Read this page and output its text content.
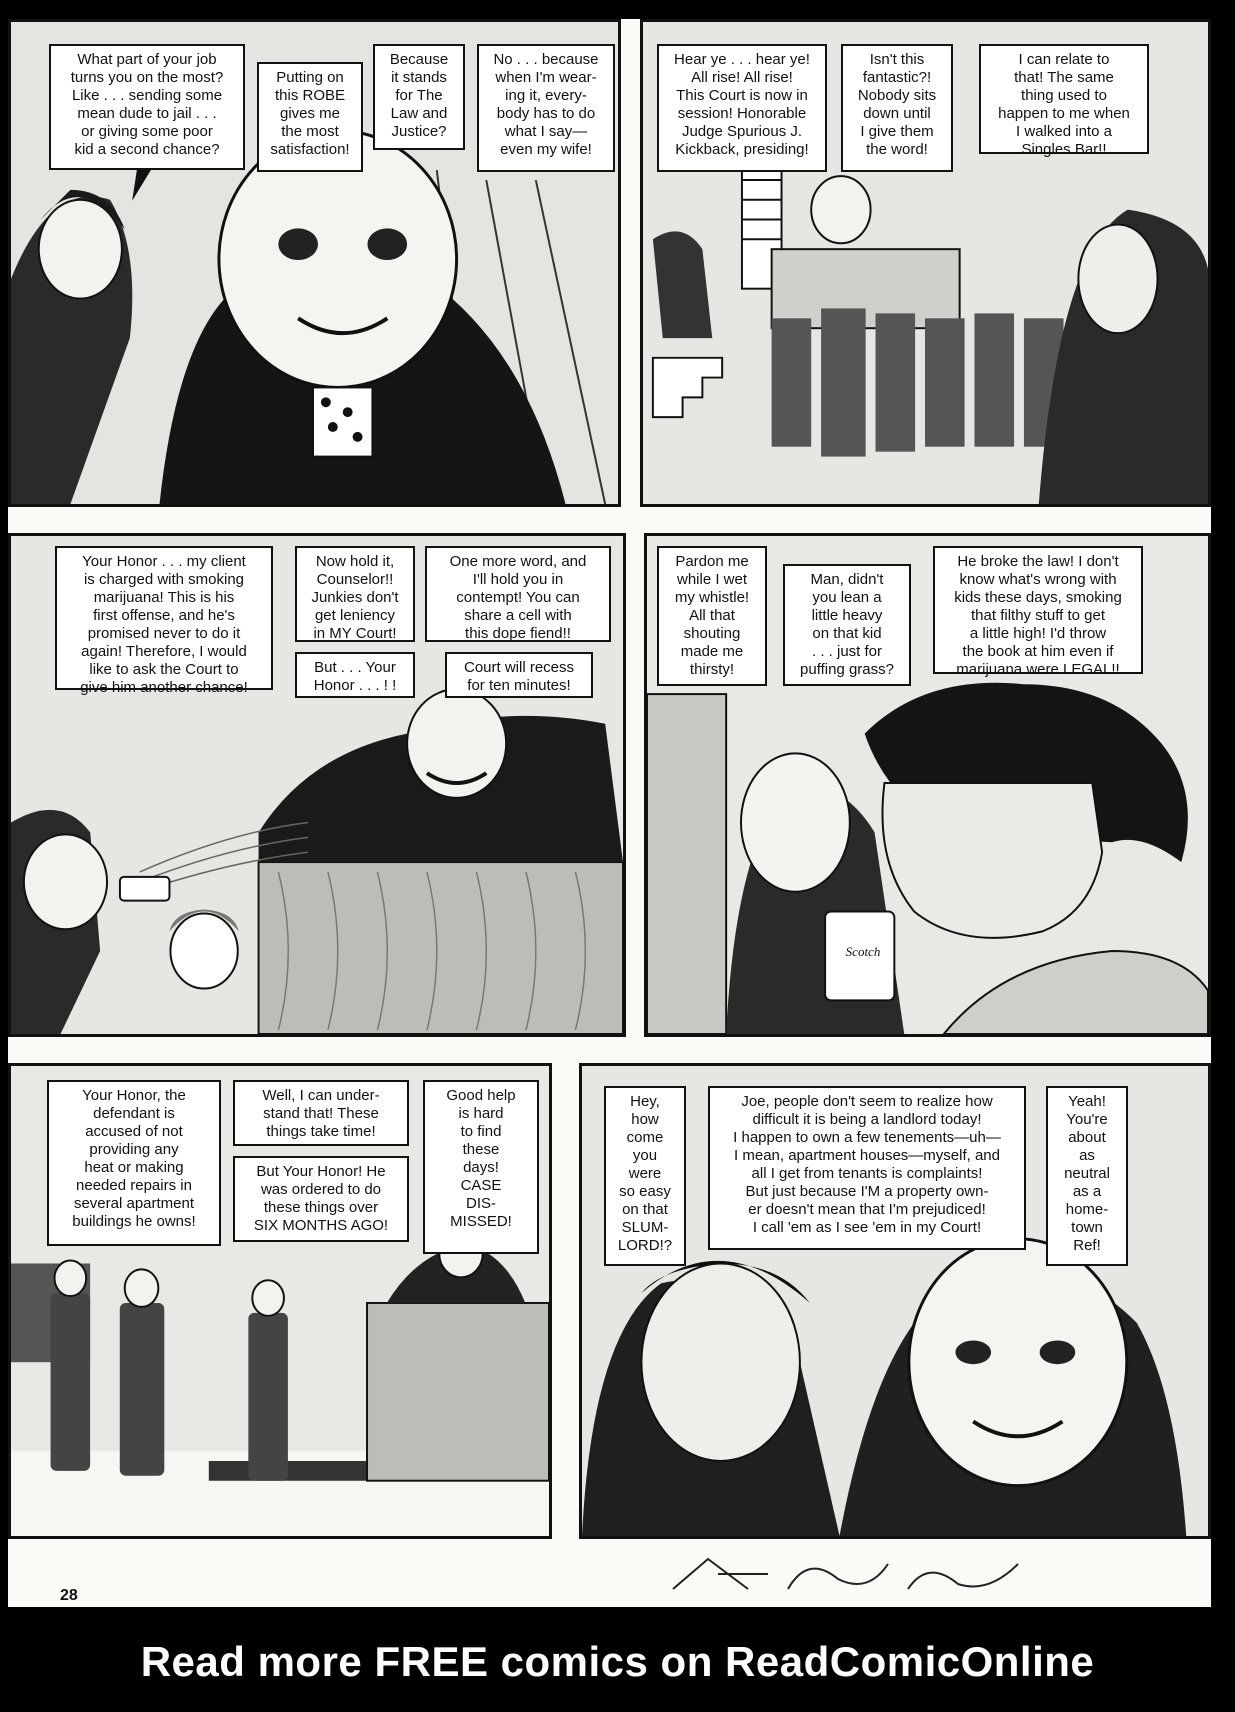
What part of your job
turns you on the most?
Like . . . sending some
mean dude to jail . . .
or giving some poor
kid a second chance?
Putting on
this ROBE
gives me
the most
satisfaction!
Because
it stands
for The
Law and
Justice?
No . . . because
when I'm wear-
ing it, every-
body has to do
what I say—
even my wife!
Hear ye . . . hear ye!
All rise! All rise!
This Court is now in
session! Honorable
Judge Spurious J.
Kickback, presiding!
Isn't this
fantastic?!
Nobody sits
down until
I give them
the word!
I can relate to
that! The same
thing used to
happen to me when
I walked into a
Singles Bar!!
Your Honor . . . my client
is charged with smoking
marijuana! This is his
first offense, and he's
promised never to do it
again! Therefore, I would
like to ask the Court to
give him another chance!
Now hold it,
Counselor!!
Junkies don't
get leniency
in MY Court!
One more word, and
I'll hold you in
contempt! You can
share a cell with
this dope fiend!!
But . . . Your
Honor . . . ! !
Court will recess
for ten minutes!
Scotch
Pardon me
while I wet
my whistle!
All that
shouting
made me
thirsty!
Man, didn't
you lean a
little heavy
on that kid
. . . just for
puffing grass?
He broke the law! I don't
know what's wrong with
kids these days, smoking
that filthy stuff to get
a little high! I'd throw
the book at him even if
marijuana were LEGAL!!
Your Honor, the
defendant is
accused of not
providing any
heat or making
needed repairs in
several apartment
buildings he owns!
Well, I can under-
stand that! These
things take time!
But Your Honor! He
was ordered to do
these things over
SIX MONTHS AGO!
Good help
is hard
to find
these
days!
CASE
DIS-
MISSED!
Hey,
how
come
you
were
so easy
on that
SLUM-
LORD!?
Joe, people don't seem to realize how
difficult it is being a landlord today!
I happen to own a few tenements—uh—
I mean, apartment houses—myself, and
all I get from tenants is complaints!
But just because I'M a property own-
er doesn't mean that I'm prejudiced!
I call 'em as I see 'em in my Court!
Yeah!
You're
about
as
neutral
as a
home-
town
Ref!
28
Read more FREE comics on ReadComicOnline
